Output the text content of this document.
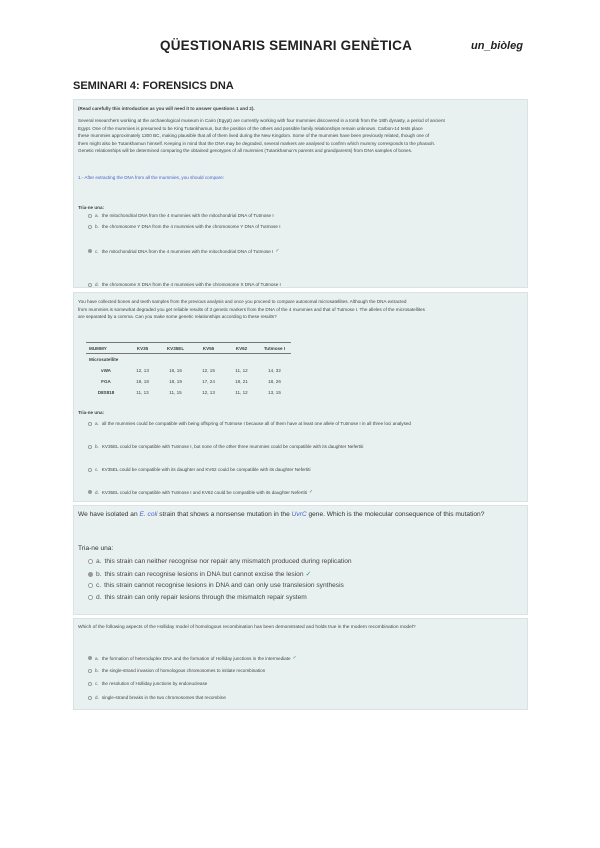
QÜESTIONARIS SEMINARI GENÈTICA	un_biòleg
SEMINARI 4: FORENSICS DNA
(Read carefully this introduction as you will need it to answer questions 1 and 2).
Several researchers working at the archaeological museum in Cairo (Egypt) are currently working with four mummies discovered in a tomb from the 18th dynasty, a period of ancient
Egypt. One of the mummies is presumed to be King Tutankhamun, but the position of the others and possible family relationships remain unknown. Carbon-14 tests place
these mummies approximately 1300 BC, making plausible that all of them lived during the New Kingdom. Some of the mummies have been previously related, though one of
them might also be Tutankhamun himself. Keeping in mind that the DNA may be degraded, several markers are analysed to confirm which mummy corresponds to the pharaoh.
Genetic relationships will be determined comparing the obtained genotypes of all mummies (Tutankhamun's parents and grandparents) from DNA samples of bones.
1.- After extracting the DNA from all the mummies, you should compare:
Tria-ne una:
a. the mitochondrial DNA from the 4 mummies with the mitochondrial DNA of Tutmose I
b. the chromosome Y DNA from the 4 mummies with the chromosome Y DNA of Tutmose I
c. the mitochondrial DNA from the 4 mummies with the mitochondrial DNA of Tutmose I ✓
d. the chromosome X DNA from the 4 mummies with the chromosome X DNA of Tutmose I
You have collected bones and teeth samples from the previous analysis and once you proceed to compare autosomal microsatellites. Although the DNA extracted
from mummies is somewhat degraded you get reliable results of 3 genetic markers from the DNA of the 4 mummies and that of Tutmose I. The alleles of the microsatellites
are separated by a comma. Can you make some genetic relationships according to these results?
MUMMY	KV35	KV35EL	KV55	KV62	Tutmose I
Microsatellite					
vWA	12, 13	16, 16	12, 15	11, 12	14, 32
FGA	18, 18	18, 19	17, 24	18, 21	18, 26
D8S818	11, 13	11, 15	12, 13	11, 12	13, 15
Tria-ne una:
a. all the mummies could be compatible with being offspring of Tutmose I because all of them have at least one allele of Tutmose I in all three loci analysed
b. KV35EL could be compatible with Tutmose I, but none of the other three mummies could be compatible with its daughter Nefertiti
c. KV35EL could be compatible with its daughter and KV62 could be compatible with its daughter Nefertiti
d. KV35EL could be compatible with Tutmose I and KV62 could be compatible with its daughter Nefertiti ✓
We have isolated an E. coli strain that shows a nonsense mutation in the UvrC gene. Which is the molecular consequence of this mutation?
Tria-ne una:
a. this strain can neither recognise nor repair any mismatch produced during replication
b. this strain can recognise lesions in DNA but cannot excise the lesion ✓
c. this strain cannot recognise lesions in DNA and can only use translesion synthesis
d. this strain can only repair lesions through the mismatch repair system
Which of the following aspects of the Holliday model of homologous recombination has been demonstrated and holds true in the modern recombination model?
a. the formation of heteroduplex DNA and the formation of Holliday junctions in the intermediate ✓
b. the single-strand invasion of homologous chromosomes to initiate recombination
c. the resolution of Holliday junctions by endonuclease
d. single-strand breaks in the two chromosomes that recombine
